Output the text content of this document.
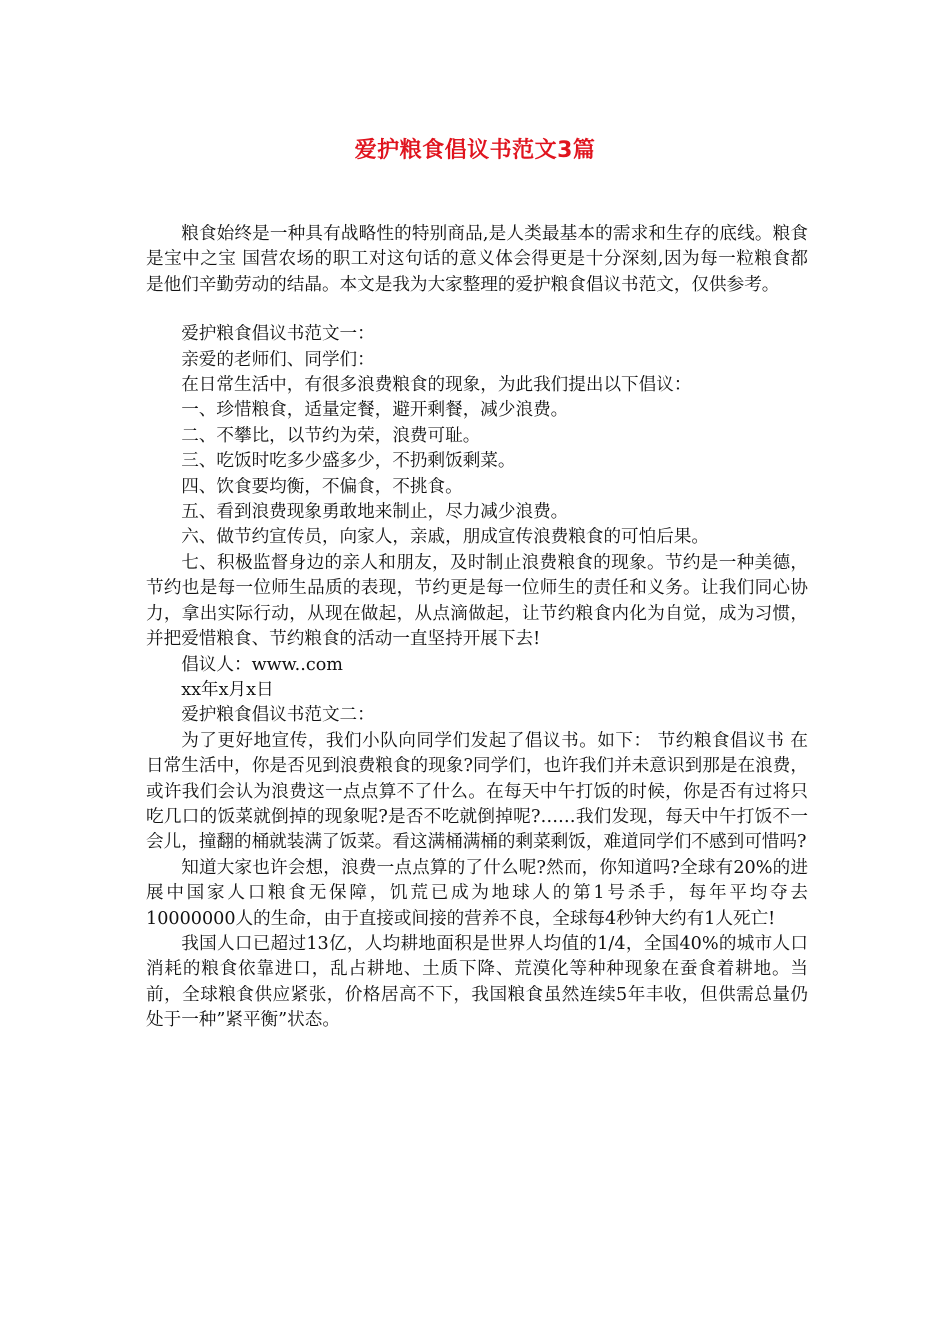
爱护粮食倡议书范文3篇

粮食始终是一种具有战略性的特别商品,是人类最基本的需求和生存的底线。粮食是宝中之宝 国营农场的职工对这句话的意义体会得更是十分深刻,因为每一粒粮食都是他们辛勤劳动的结晶。本文是我为大家整理的爱护粮食倡议书范文，仅供参考。

爱护粮食倡议书范文一：

亲爱的老师们、同学们：

在日常生活中，有很多浪费粮食的现象，为此我们提出以下倡议：

一、珍惜粮食，适量定餐，避开剩餐，减少浪费。

二、不攀比，以节约为荣，浪费可耻。

三、吃饭时吃多少盛多少，不扔剩饭剩菜。

四、饮食要均衡，不偏食，不挑食。

五、看到浪费现象勇敢地来制止，尽力减少浪费。

六、做节约宣传员，向家人，亲戚，朋成宣传浪费粮食的可怕后果。

七、积极监督身边的亲人和朋友，及时制止浪费粮食的现象。节约是一种美德，节约也是每一位师生品质的表现，节约更是每一位师生的责任和义务。让我们同心协力，拿出实际行动，从现在做起，从点滴做起，让节约粮食内化为自觉，成为习惯，并把爱惜粮食、节约粮食的活动一直坚持开展下去!

倡议人：www..com

xx年x月x日

爱护粮食倡议书范文二：

为了更好地宣传，我们小队向同学们发起了倡议书。如下： 节约粮食倡议书 在日常生活中，你是否见到浪费粮食的现象?同学们，也许我们并未意识到那是在浪费，或许我们会认为浪费这一点点算不了什么。在每天中午打饭的时候，你是否有过将只吃几口的饭菜就倒掉的现象呢?是否不吃就倒掉呢?……我们发现，每天中午打饭不一会儿，撞翻的桶就装满了饭菜。看这满桶满桶的剩菜剩饭，难道同学们不感到可惜吗?

知道大家也许会想，浪费一点点算的了什么呢?然而，你知道吗?全球有20%的进展中国家人口粮食无保障，饥荒已成为地球人的第1号杀手，每年平均夺去10000000人的生命，由于直接或间接的营养不良，全球每4秒钟大约有1人死亡!

我国人口已超过13亿，人均耕地面积是世界人均值的1/4，全国40%的城市人口消耗的粮食依靠进口，乱占耕地、土质下降、荒漠化等种种现象在蚕食着耕地。当前，全球粮食供应紧张，价格居高不下，我国粮食虽然连续5年丰收，但供需总量仍处于一种”紧平衡”状态。
